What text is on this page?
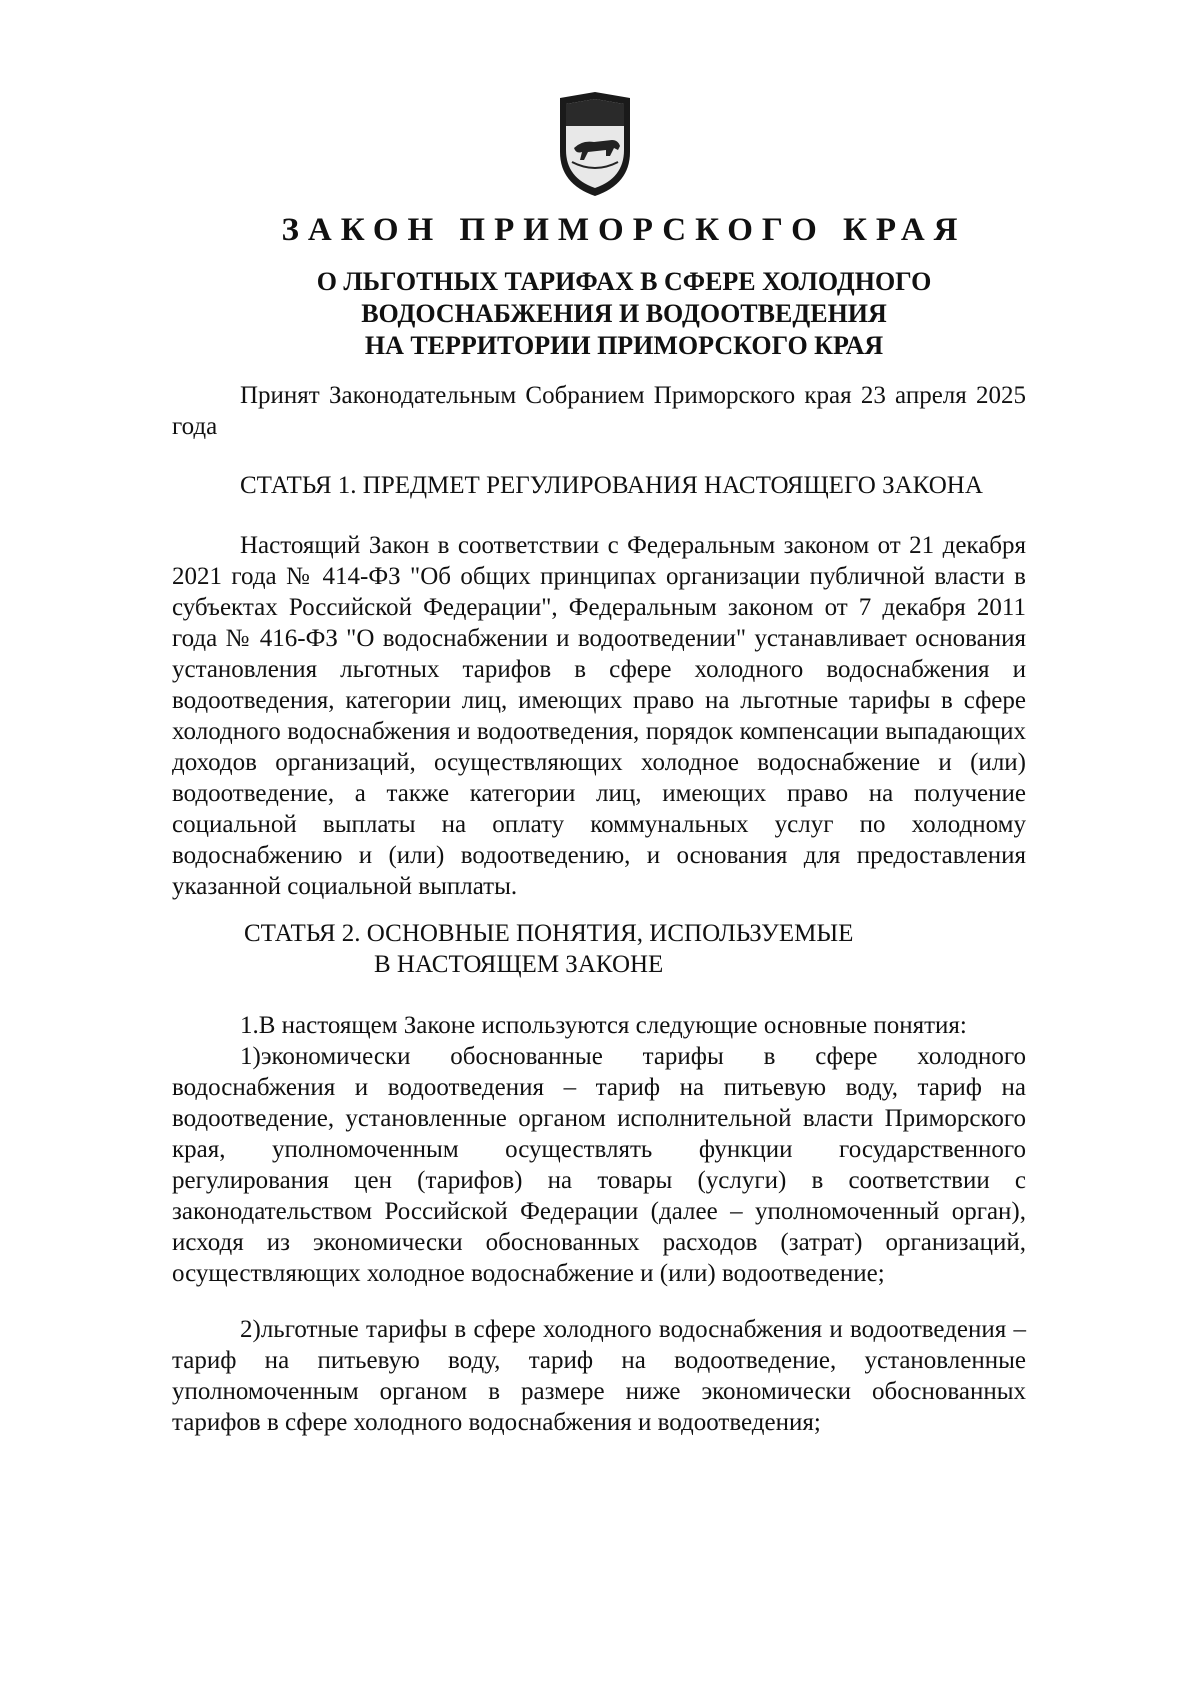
ЗАКОН ПРИМОРСКОГО КРАЯ
О ЛЬГОТНЫХ ТАРИФАХ В СФЕРЕ ХОЛОДНОГО
ВОДОСНАБЖЕНИЯ И ВОДООТВЕДЕНИЯ
НА ТЕРРИТОРИИ ПРИМОРСКОГО КРАЯ

Принят Законодательным Собранием Приморского края 23 апреля 2025 года

СТАТЬЯ 1. ПРЕДМЕТ РЕГУЛИРОВАНИЯ НАСТОЯЩЕГО ЗАКОНА

Настоящий Закон в соответствии с Федеральным законом от 21 декабря 2021 года № 414-ФЗ "Об общих принципах организации публичной власти в субъектах Российской Федерации", Федеральным законом от 7 декабря 2011 года № 416-ФЗ "О водоснабжении и водоотведении" устанавливает основания установления льготных тарифов в сфере холодного водоснабжения и водоотведения, категории лиц, имеющих право на льготные тарифы в сфере холодного водоснабжения и водоотведения, порядок компенсации выпадающих доходов организаций, осуществляющих холодное водоснабжение и (или) водоотведение, а также категории лиц, имеющих право на получение социальной выплаты на оплату коммунальных услуг по холодному водоснабжению и (или) водоотведению, и основания для предоставления указанной социальной выплаты.

СТАТЬЯ 2. ОСНОВНЫЕ ПОНЯТИЯ, ИСПОЛЬЗУЕМЫЕ
В НАСТОЯЩЕМ ЗАКОНЕ

1.В настоящем Законе используются следующие основные понятия:

1)экономически обоснованные тарифы в сфере холодного водоснабжения и водоотведения – тариф на питьевую воду, тариф на водоотведение, установленные органом исполнительной власти Приморского края, уполномоченным осуществлять функции государственного регулирования цен (тарифов) на товары (услуги) в соответствии с законодательством Российской Федерации (далее – уполномоченный орган), исходя из экономически обоснованных расходов (затрат) организаций, осуществляющих холодное водоснабжение и (или) водоотведение;

2)льготные тарифы в сфере холодного водоснабжения и водоотведения – тариф на питьевую воду, тариф на водоотведение, установленные уполномоченным органом в размере ниже экономически обоснованных тарифов в сфере холодного водоснабжения и водоотведения;
